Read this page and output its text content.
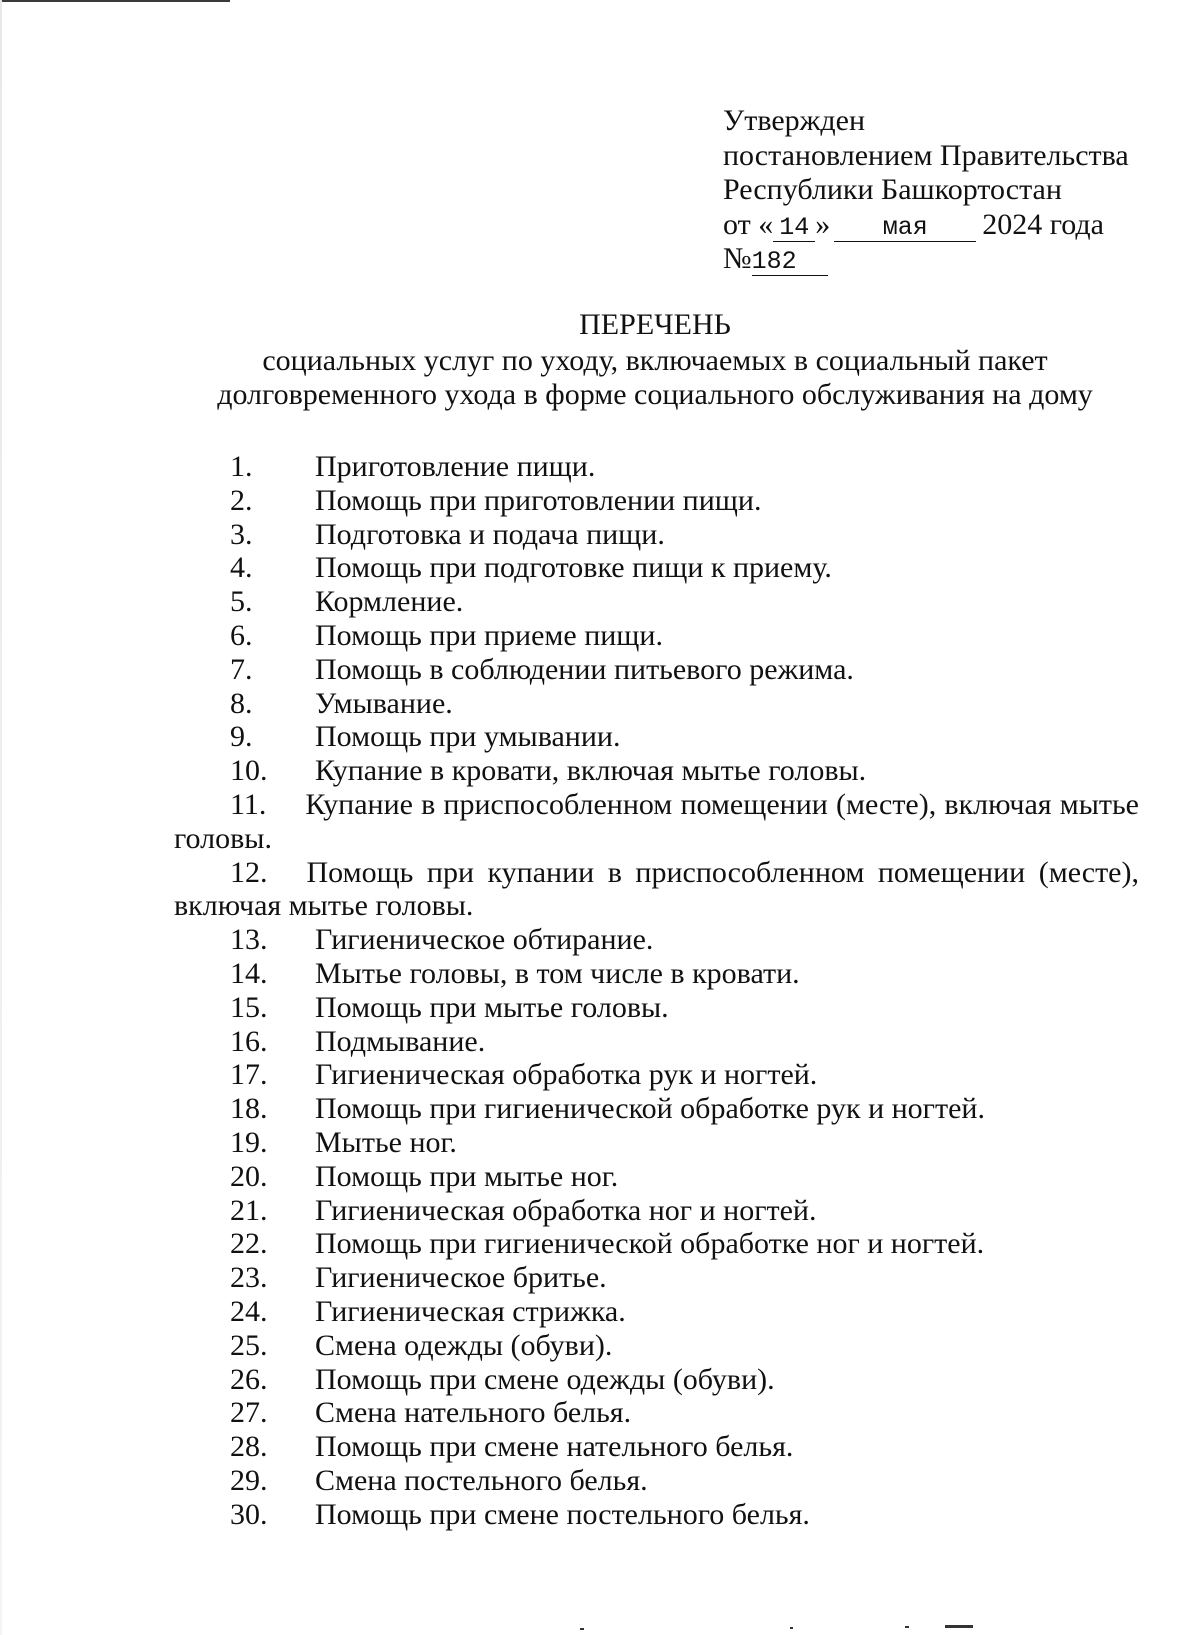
Утвержден
постановлением Правительства
Республики Башкортостан
от « 14 » мая 2024 года
№182
ПЕРЕЧЕНЬ
социальных услуг по уходу, включаемых в социальный пакет
долговременного ухода в форме социального обслуживания на дому
1. Приготовление пищи.
2. Помощь при приготовлении пищи.
3. Подготовка и подача пищи.
4. Помощь при подготовке пищи к приему.
5. Кормление.
6. Помощь при приеме пищи.
7. Помощь в соблюдении питьевого режима.
8. Умывание.
9. Помощь при умывании.
10. Купание в кровати, включая мытье головы.
11. Купание в приспособленном помещении (месте), включая мытье головы.
12. Помощь при купании в приспособленном помещении (месте), включая мытье головы.
13. Гигиеническое обтирание.
14. Мытье головы, в том числе в кровати.
15. Помощь при мытье головы.
16. Подмывание.
17. Гигиеническая обработка рук и ногтей.
18. Помощь при гигиенической обработке рук и ногтей.
19. Мытье ног.
20. Помощь при мытье ног.
21. Гигиеническая обработка ног и ногтей.
22. Помощь при гигиенической обработке ног и ногтей.
23. Гигиеническое бритье.
24. Гигиеническая стрижка.
25. Смена одежды (обуви).
26. Помощь при смене одежды (обуви).
27. Смена нательного белья.
28. Помощь при смене нательного белья.
29. Смена постельного белья.
30. Помощь при смене постельного белья.
